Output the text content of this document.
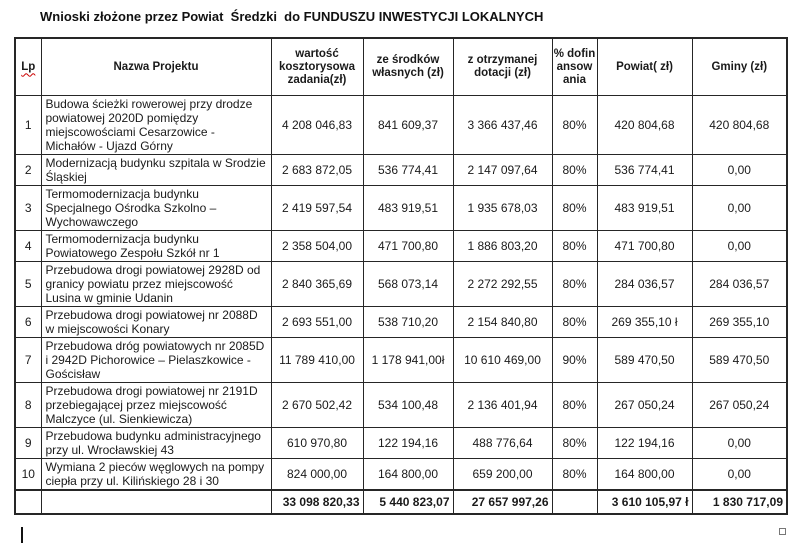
Wnioski złożone przez Powiat  Średzki  do FUNDUSZU INWESTYCJI LOKALNYCH
Lp	Nazwa Projektu	wartość kosztorysowa zadania(zł)	ze środków własnych (zł)	z otrzymanej dotacji (zł)	% dofinansowania	Powiat( zł)	Gminy (zł)
1	Budowa ścieżki rowerowej przy drodze powiatowej 2020D pomiędzy miejscowościami Cesarzowice - Michałów - Ujazd Górny	4 208 046,83	841 609,37	3 366 437,46	80%	420 804,68	420 804,68
2	Modernizacją budynku szpitala w Srodzie Śląskiej	2 683 872,05	536 774,41	2 147 097,64	80%	536 774,41	0,00
3	Termomodernizacja budynku Specjalnego Ośrodka Szkolno – Wychowawczego	2 419 597,54	483 919,51	1 935 678,03	80%	483 919,51	0,00
4	Termomodernizacja budynku Powiatowego Zespołu Szkół nr 1	2 358 504,00	471 700,80	1 886 803,20	80%	471 700,80	0,00
5	Przebudowa drogi powiatowej 2928D od granicy powiatu przez miejscowość Lusina w gminie Udanin	2 840 365,69	568 073,14	2 272 292,55	80%	284 036,57	284 036,57
6	Przebudowa drogi powiatowej nr 2088D w miejscowości Konary	2 693 551,00	538 710,20	2 154 840,80	80%	269 355,10 ł	269 355,10
7	Przebudowa dróg powiatowych nr 2085D i 2942D Pichorowice – Pielaszkowice - Gościsław	11 789 410,00	1 178 941,00ł	10 610 469,00	90%	589 470,50	589 470,50
8	Przebudowa drogi powiatowej nr 2191D przebiegającej przez miejscowość Malczyce (ul. Sienkiewicza)	2 670 502,42	534 100,48	2 136 401,94	80%	267 050,24	267 050,24
9	Przebudowa budynku administracyjnego przy ul. Wrocławskiej 43	610 970,80	122 194,16	488 776,64	80%	122 194,16	0,00
10	Wymiana 2 pieców węglowych na pompy ciepła przy ul. Kilińskiego 28 i 30	824 000,00	164 800,00	659 200,00	80%	164 800,00	0,00
		33 098 820,33	5 440 823,07	27 657 997,26		3 610 105,97 ł	1 830 717,09
